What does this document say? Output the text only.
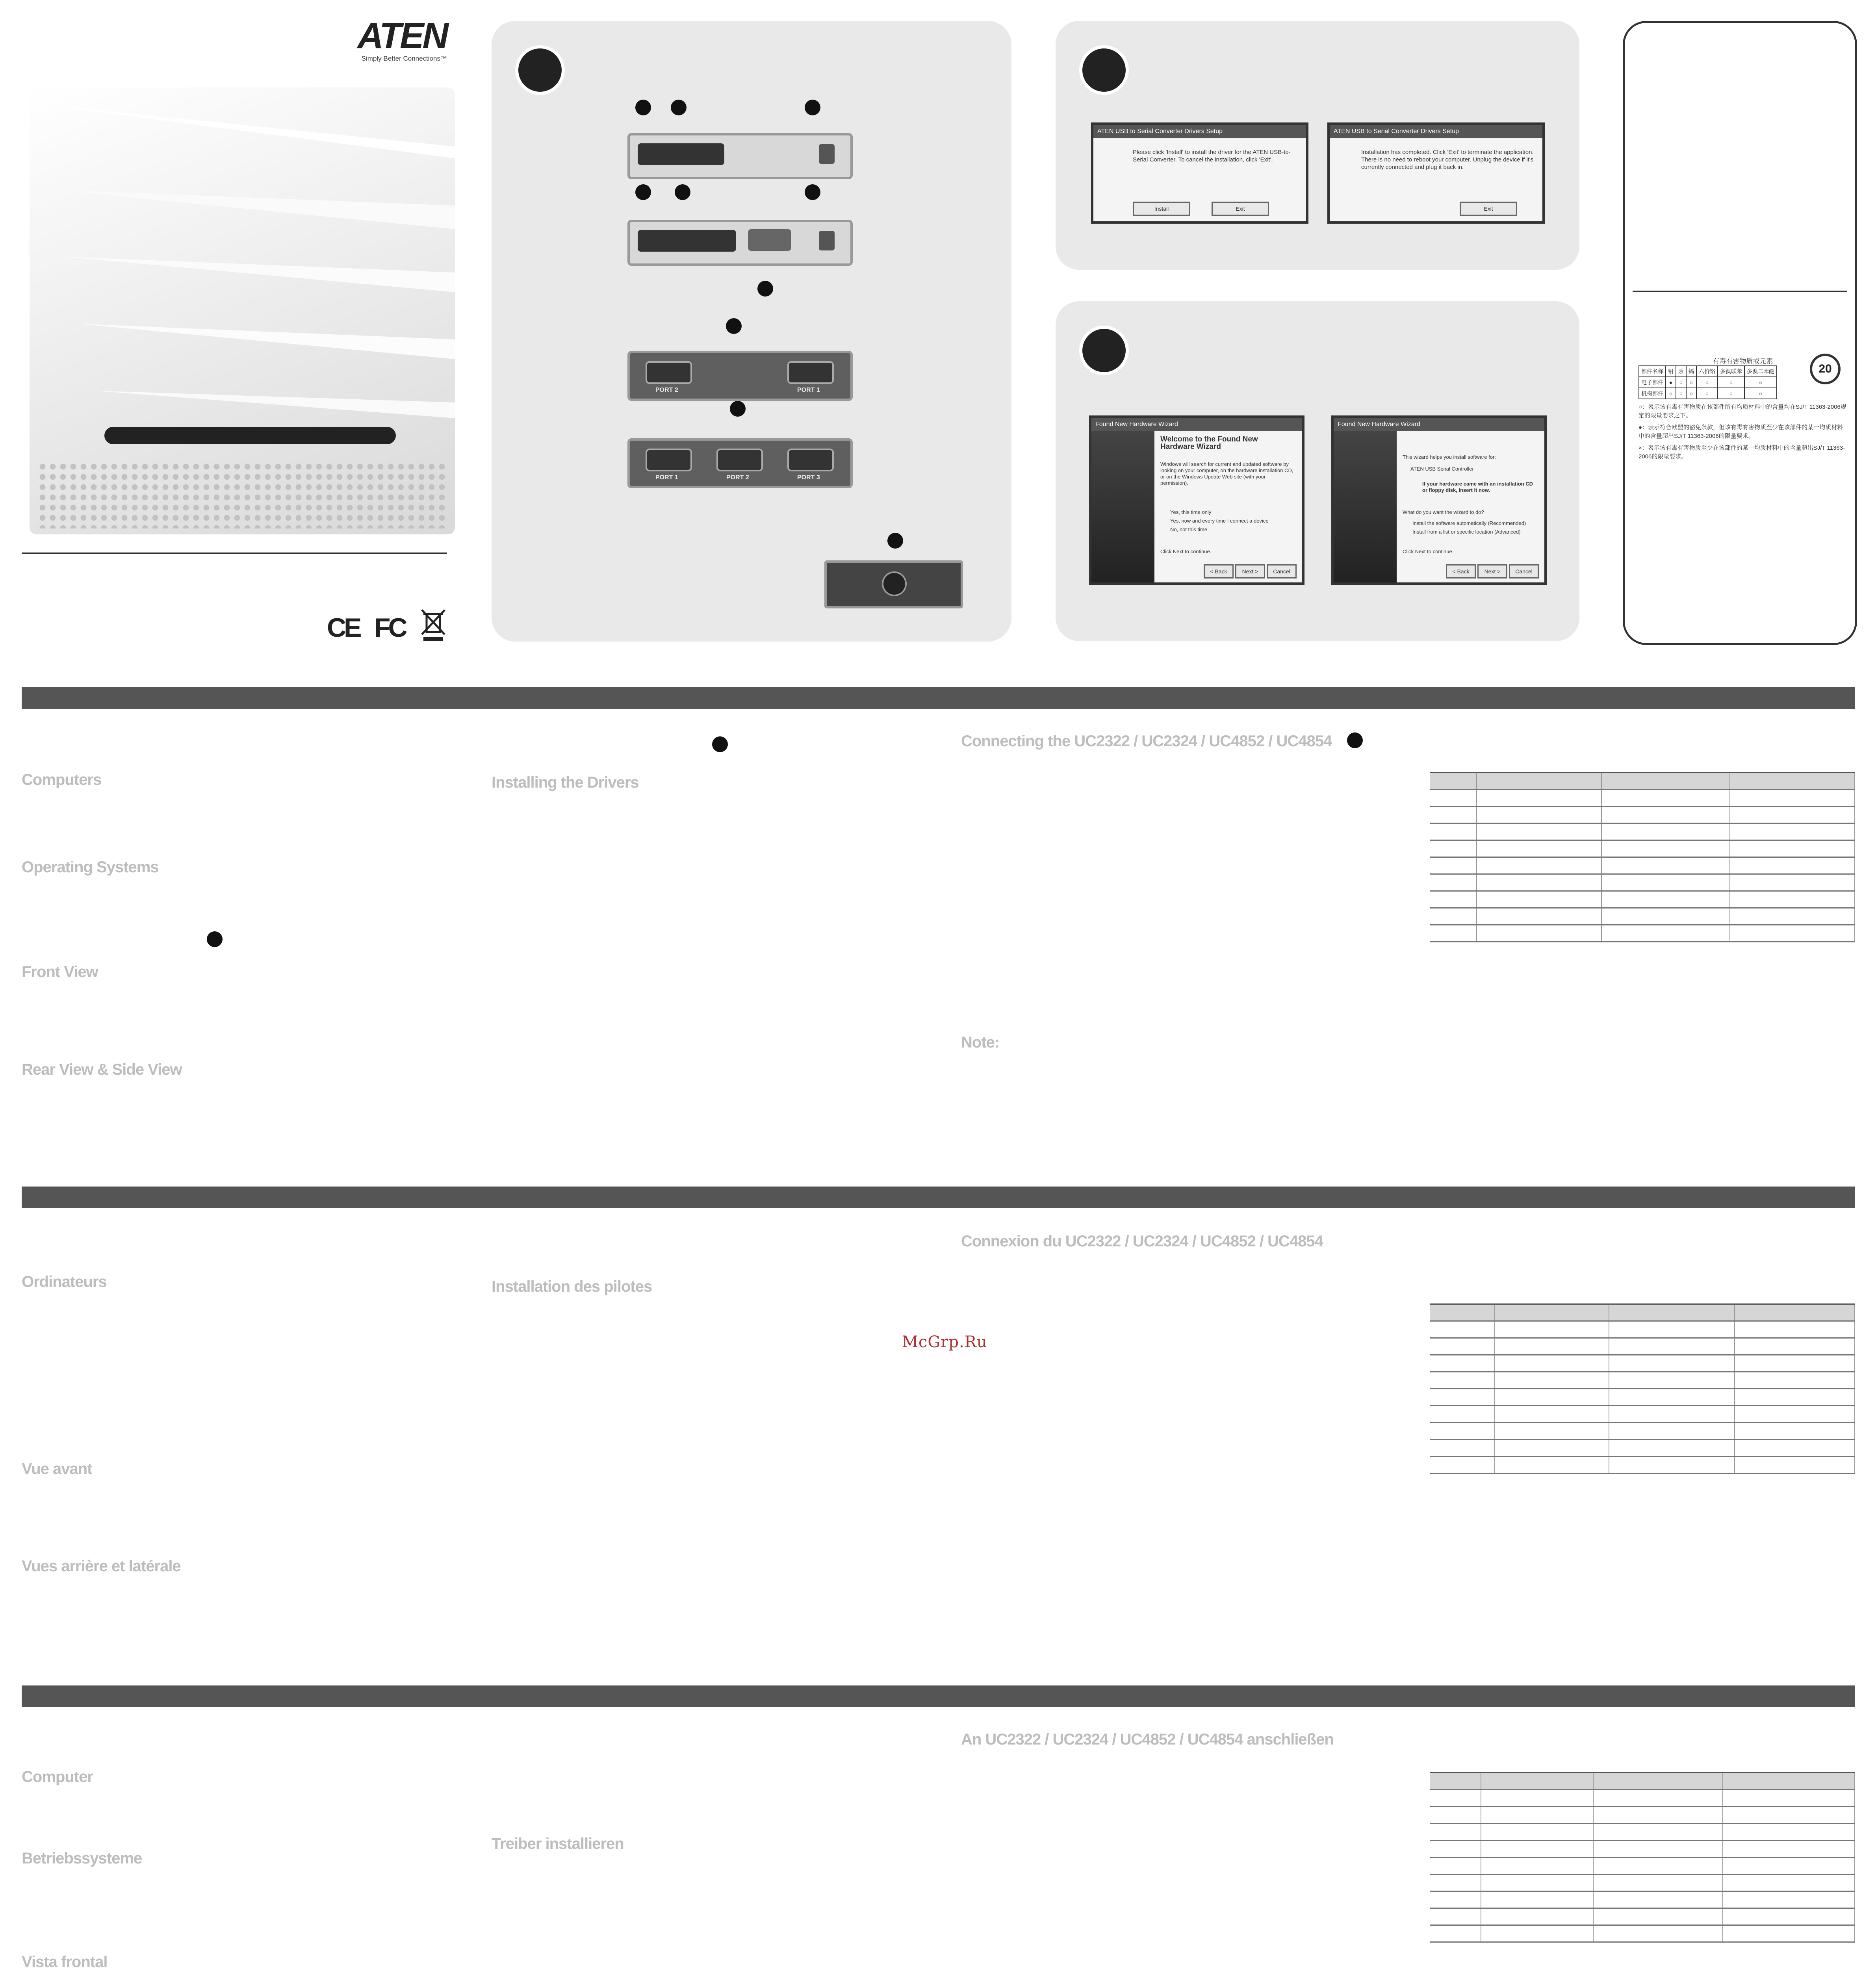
ATEN
Simply Better Connections™
CE FC
PORT 2	PORT 1
PORT 1	PORT 2	PORT 3
ATEN USB to Serial Converter Drivers Setup
Please click 'Install' to install the driver for the ATEN USB-to-Serial Converter. To cancel the installation, click 'Exit'.
Install	Exit
ATEN USB to Serial Converter Drivers Setup
Installation has completed. Click 'Exit' to terminate the application. There is no need to reboot your computer. Unplug the device if it's currently connected and plug it back in.
Exit
Found New Hardware Wizard
Welcome to the Found New Hardware Wizard
Windows will search for current and updated software by looking on your computer, on the hardware installation CD, or on the Windows Update Web site (with your permission).
Yes, this time only
Yes, now and every time I connect a device
No, not this time
Click Next to continue.
< Back	Next >	Cancel
Found New Hardware Wizard
This wizard helps you install software for:
ATEN USB Serial Controller
If your hardware came with an installation CD or floppy disk, insert it now.
What do you want the wizard to do?
Install the software automatically (Recommended)
Install from a list or specific location (Advanced)
Click Next to continue.
< Back	Next >	Cancel
有毒有害物质或元素
部件名称	铅	汞	镉	六价铬	多溴联苯	多溴二苯醚
电子部件	●	○	○	○	○	○
机构部件	○	○	○	○	○	○
20
○：表示该有毒有害物质在该部件所有均质材料中的含量均在SJ/T 11363-2006规定的限量要求之下。
●：表示符合欧盟的豁免条款，但该有毒有害物质至少在该部件的某一均质材料中的含量超出SJ/T 11363-2006的限量要求。
×：表示该有毒有害物质至少在该部件的某一均质材料中的含量超出SJ/T 11363-2006的限量要求。
Computers
Operating Systems
Front View
Rear View & Side View
Installing the Drivers
Connecting the UC2322 / UC2324 / UC4852 / UC4854
Note:

Ordinateurs
Vue avant
Vues arrière et latérale
Installation des pilotes
Connexion du UC2322 / UC2324 / UC4852 / UC4854

Computer
Betriebssysteme
Vista frontal
Treiber installieren
An UC2322 / UC2324 / UC4852 / UC4854 anschließen

McGrp.Ru
